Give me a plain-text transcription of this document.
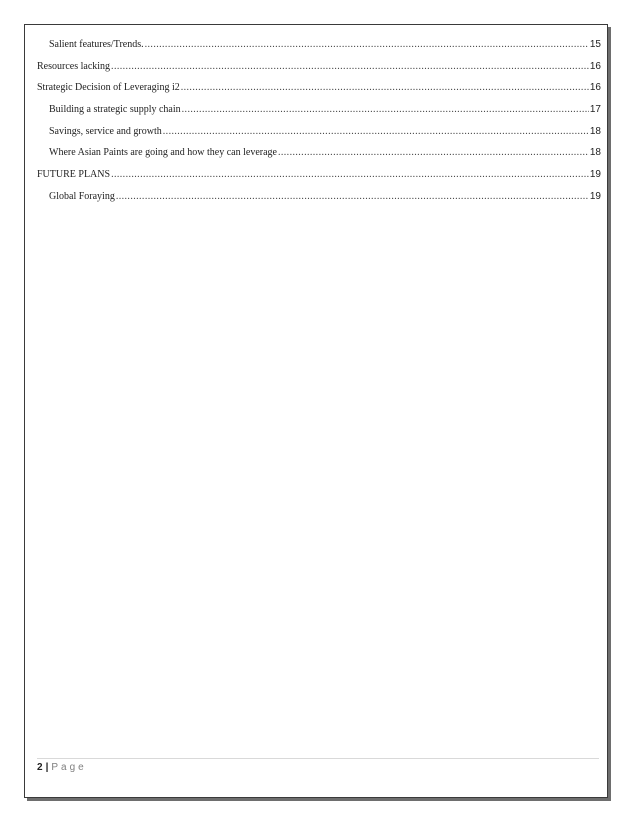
Salient features/Trends. .....	15
Resources lacking .....	16
Strategic Decision of Leveraging i2 .....	16
Building a strategic supply chain .....	17
Savings, service and growth .....	18
Where Asian Paints are going and how they can leverage .....	18
FUTURE PLANS .....	19
Global Foraying .....	19
2 | Page
